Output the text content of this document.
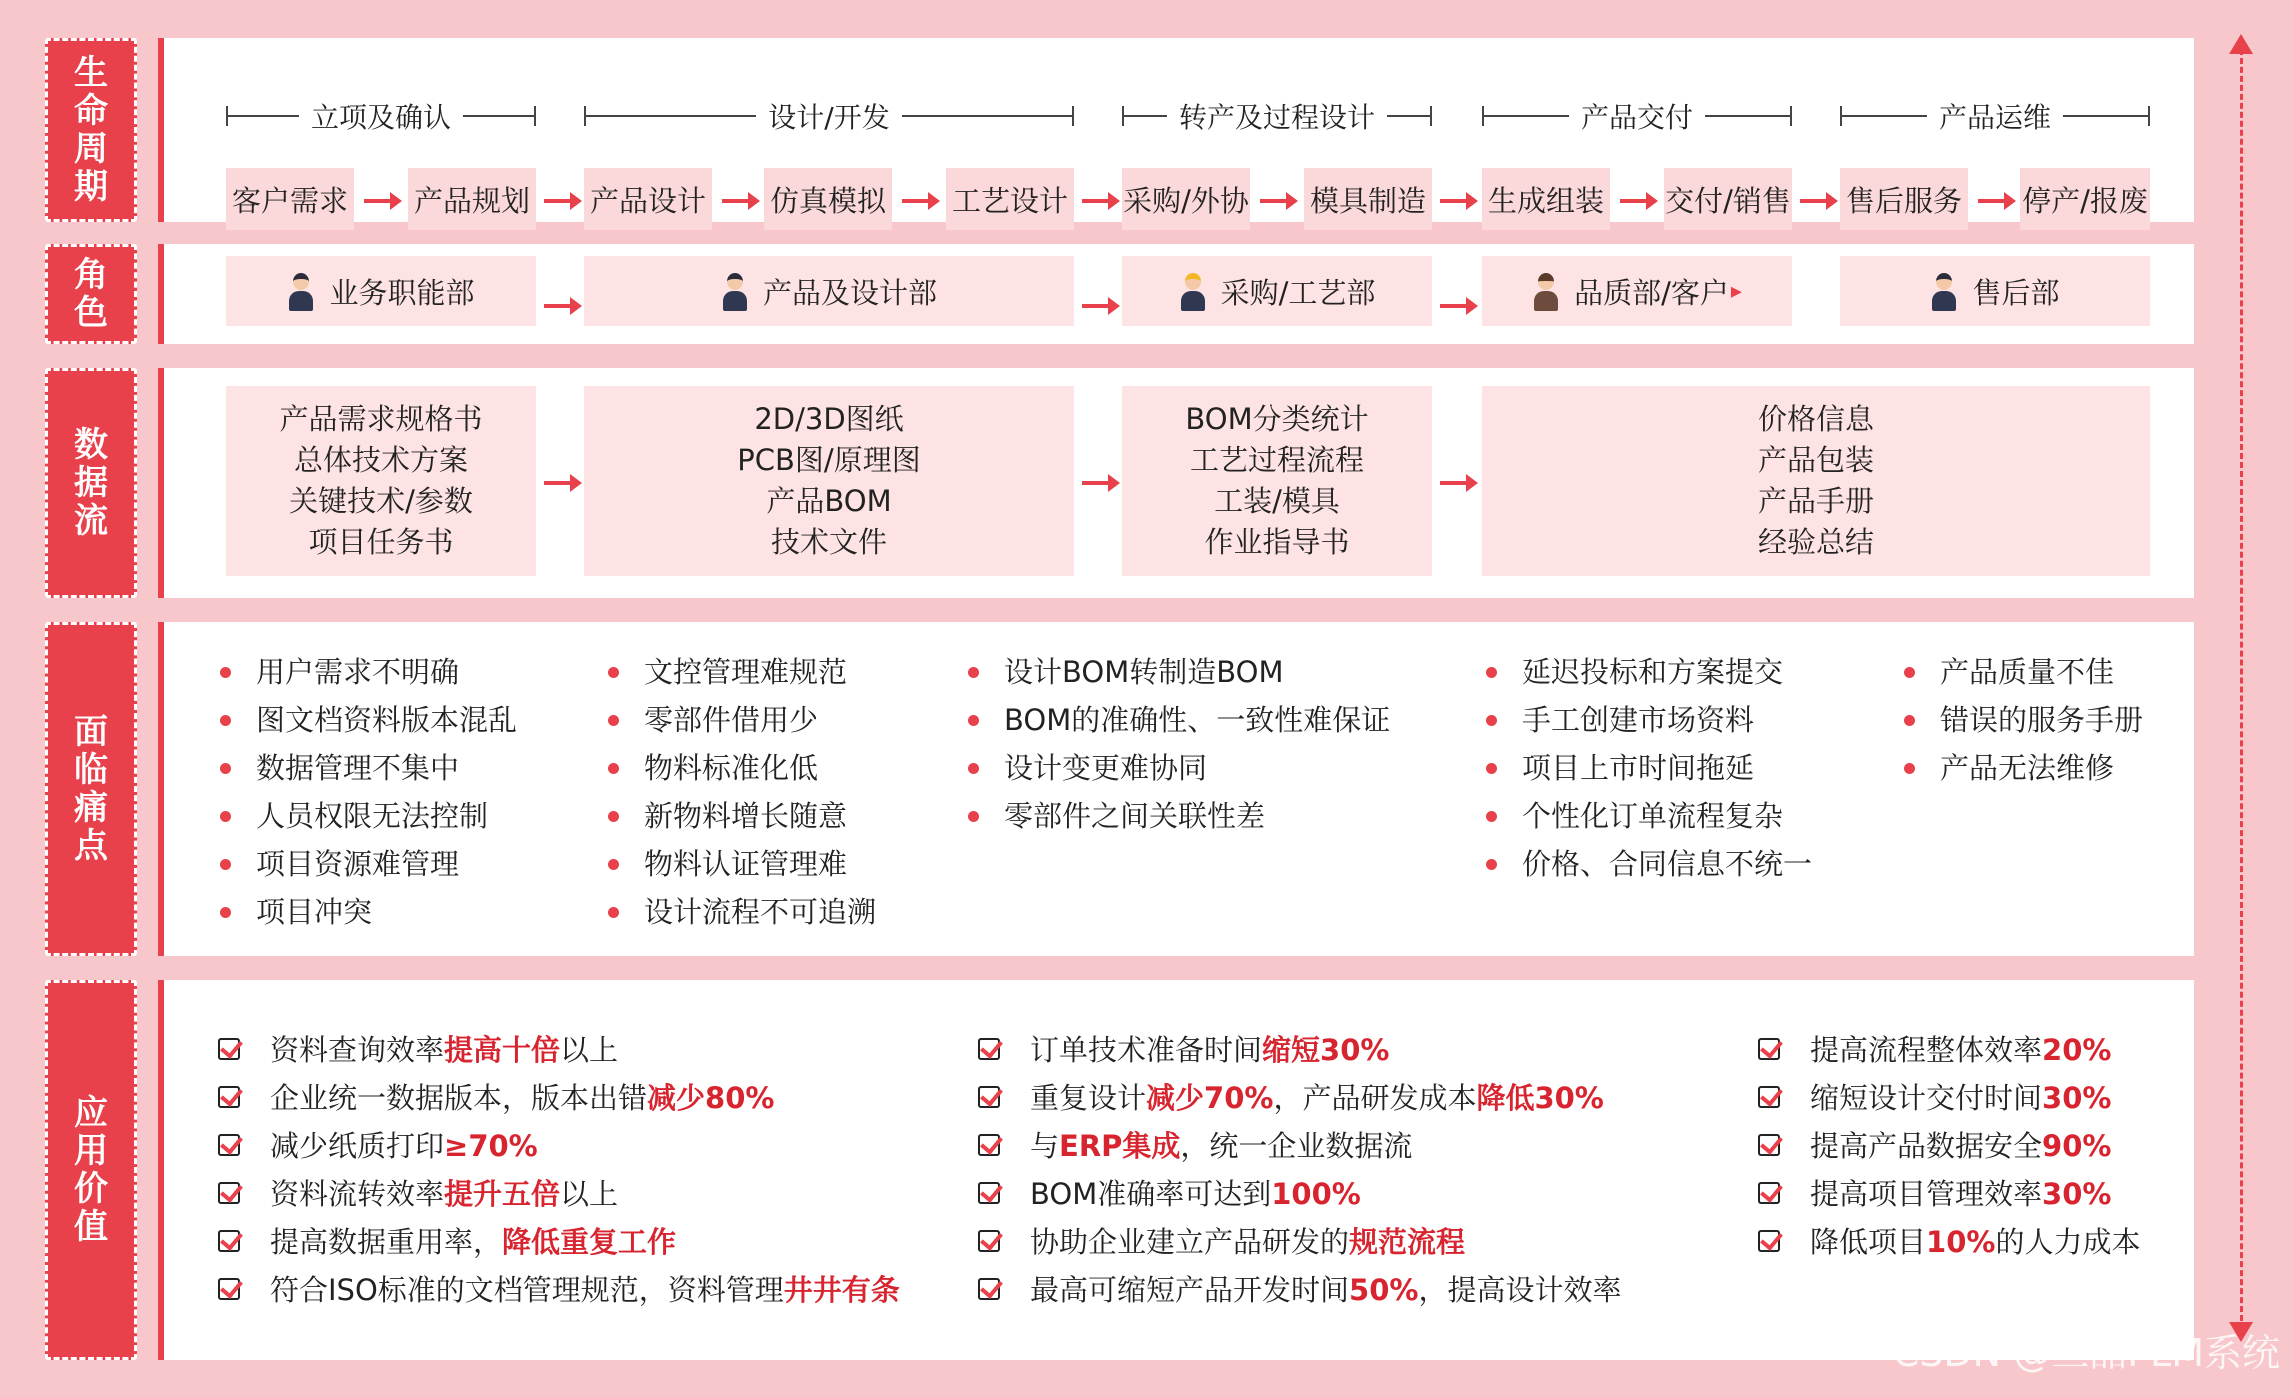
生命周期
立项及确认	设计/开发	转产及过程设计	产品交付	产品运维
客户需求 产品规划 产品设计 仿真模拟 工艺设计 采购/外协 模具制造 生成组装 交付/销售 售后服务 停产/报废
角色
业务职能部	产品及设计部	采购/工艺部	品质部/客户 ▸	售后部
数据流
产品需求规格书
总体技术方案
关键技术/参数
项目任务书
2D/3D图纸
PCB图/原理图
产品BOM
技术文件
BOM分类统计
工艺过程流程
工装/模具
作业指导书
价格信息
产品包装
产品手册
经验总结
面临痛点
用户需求不明确
图文档资料版本混乱
数据管理不集中
人员权限无法控制
项目资源难管理
项目冲突
文控管理难规范
零部件借用少
物料标准化低
新物料增长随意
物料认证管理难
设计流程不可追溯
设计BOM转制造BOM
BOM的准确性、一致性难保证
设计变更难协同
零部件之间关联性差
延迟投标和方案提交
手工创建市场资料
项目上市时间拖延
个性化订单流程复杂
价格、合同信息不统一
产品质量不佳
错误的服务手册
产品无法维修
应用价值
资料查询效率提高十倍以上
企业统一数据版本，版本出错减少80%
减少纸质打印≥70%
资料流转效率提升五倍以上
提高数据重用率，降低重复工作
符合ISO标准的文档管理规范，资料管理井井有条
订单技术准备时间缩短30%
重复设计减少70%，产品研发成本降低30%
与ERP集成，统一企业数据流
BOM准确率可达到100%
协助企业建立产品研发的规范流程
最高可缩短产品开发时间50%，提高设计效率
提高流程整体效率20%
缩短设计交付时间30%
提高产品数据安全90%
提高项目管理效率30%
降低项目10%的人力成本
CSDN @三品PLM系统
